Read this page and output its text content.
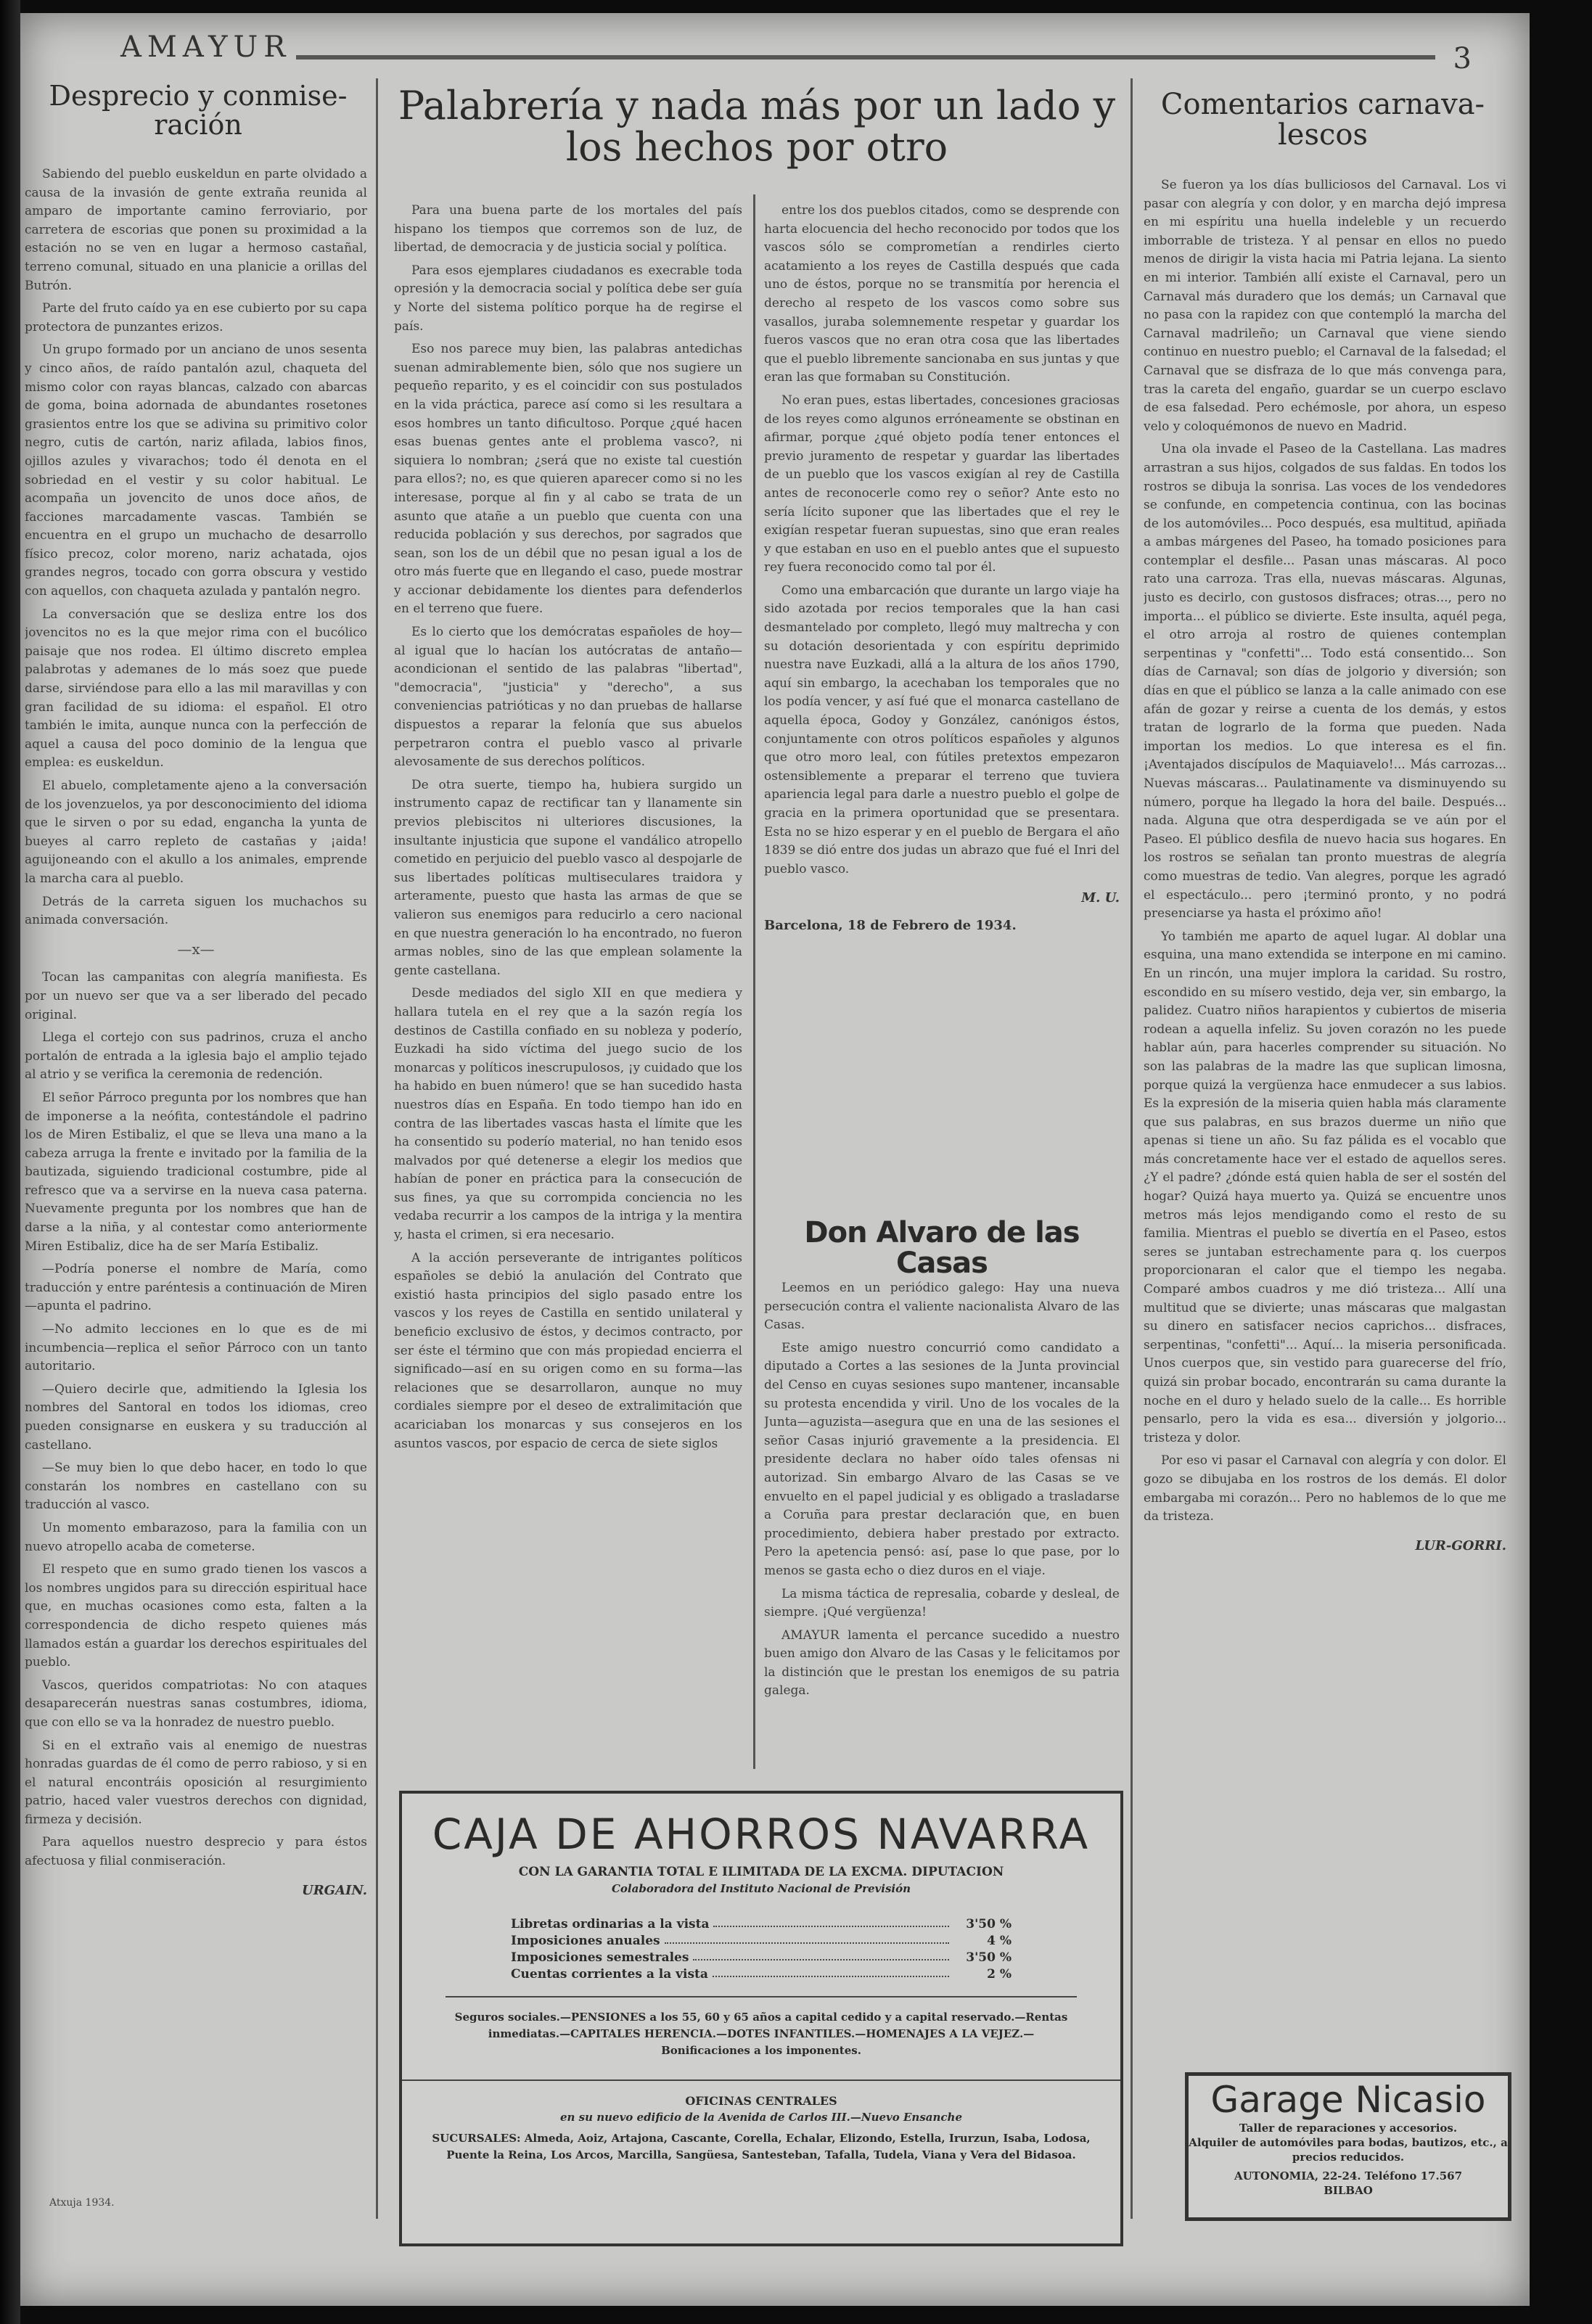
AMAYUR	3
Desprecio y conmise-ración

Sabiendo del pueblo euskeldun en parte olvidado a causa de la invasión de gente extraña reunida al amparo de importante camino ferroviario, por carretera de escorias que ponen su proximidad a la estación no se ven en lugar a hermoso castañal, terreno comunal, situado en una planicie a orillas del Butrón.

Parte del fruto caído ya en ese cubierto por su capa protectora de punzantes erizos.

Un grupo formado por un anciano de unos sesenta y cinco años, de raído pantalón azul, chaqueta del mismo color con rayas blancas, calzado con abarcas de goma, boina adornada de abundantes rosetones grasientos entre los que se adivina su primitivo color negro, cutis de cartón, nariz afilada, labios finos, ojillos azules y vivarachos; todo él denota en el sobriedad en el vestir y su color habitual. Le acompaña un jovencito de unos doce años, de facciones marcadamente vascas. También se encuentra en el grupo un muchacho de desarrollo físico precoz, color moreno, nariz achatada, ojos grandes negros, tocado con gorra obscura y vestido con aquellos, con chaqueta azulada y pantalón negro.

La conversación que se desliza entre los dos jovencitos no es la que mejor rima con el bucólico paisaje que nos rodea. El último discreto emplea palabrotas y ademanes de lo más soez que puede darse, sirviéndose para ello a las mil maravillas y con gran facilidad de su idioma: el español. El otro también le imita, aunque nunca con la perfección de aquel a causa del poco dominio de la lengua que emplea: es euskeldun.

El abuelo, completamente ajeno a la conversación de los jovenzuelos, ya por desconocimiento del idioma que le sirven o por su edad, engancha la yunta de bueyes al carro repleto de castañas y ¡aida! aguijoneando con el akullo a los animales, emprende la marcha cara al pueblo.

Detrás de la carreta siguen los muchachos su animada conversación.

—x—

Tocan las campanitas con alegría manifiesta. Es por un nuevo ser que va a ser liberado del pecado original.

Llega el cortejo con sus padrinos, cruza el ancho portalón de entrada a la iglesia bajo el amplio tejado al atrio y se verifica la ceremonia de redención.

El señor Párroco pregunta por los nombres que han de imponerse a la neófita, contestándole el padrino los de Miren Estibaliz, el que se lleva una mano a la cabeza arruga la frente e invitado por la familia de la bautizada, siguiendo tradicional costumbre, pide al refresco que va a servirse en la nueva casa paterna. Nuevamente pregunta por los nombres que han de darse a la niña, y al contestar como anteriormente Miren Estibaliz, dice ha de ser María Estibaliz.

—Podría ponerse el nombre de María, como traducción y entre paréntesis a continuación de Miren—apunta el padrino.

—No admito lecciones en lo que es de mi incumbencia—replica el señor Párroco con un tanto autoritario.

—Quiero decirle que, admitiendo la Iglesia los nombres del Santoral en todos los idiomas, creo pueden consignarse en euskera y su traducción al castellano.

—Se muy bien lo que debo hacer, en todo lo que constarán los nombres en castellano con su traducción al vasco.

Un momento embarazoso, para la familia con un nuevo atropello acaba de cometerse.

El respeto que en sumo grado tienen los vascos a los nombres ungidos para su dirección espiritual hace que, en muchas ocasiones como esta, falten a la correspondencia de dicho respeto quienes más llamados están a guardar los derechos espirituales del pueblo.

Vascos, queridos compatriotas: No con ataques desaparecerán nuestras sanas costumbres, idioma, que con ello se va la honradez de nuestro pueblo.

Si en el extraño vais al enemigo de nuestras honradas guardas de él como de perro rabioso, y si en el natural encontráis oposición al resurgimiento patrio, haced valer vuestros derechos con dignidad, firmeza y decisión.

Para aquellos nuestro desprecio y para éstos afectuosa y filial conmiseración.

URGAIN.
Atxuja 1934.
Palabrería y nada más por un lado y los hechos por otro

Para una buena parte de los mortales del país hispano los tiempos que corremos son de luz, de libertad, de democracia y de justicia social y política.

Para esos ejemplares ciudadanos es execrable toda opresión y la democracia social y política debe ser guía y Norte del sistema político porque ha de regirse el país.

Eso nos parece muy bien, las palabras antedichas suenan admirablemente bien, sólo que nos sugiere un pequeño reparito, y es el coincidir con sus postulados en la vida práctica, parece así como si les resultara a esos hombres un tanto dificultoso. Porque ¿qué hacen esas buenas gentes ante el problema vasco?, ni siquiera lo nombran; ¿será que no existe tal cuestión para ellos?; no, es que quieren aparecer como si no les interesase, porque al fin y al cabo se trata de un asunto que atañe a un pueblo que cuenta con una reducida población y sus derechos, por sagrados que sean, son los de un débil que no pesan igual a los de otro más fuerte que en llegando el caso, puede mostrar y accionar debidamente los dientes para defenderlos en el terreno que fuere.

Es lo cierto que los demócratas españoles de hoy—al igual que lo hacían los autócratas de antaño—acondicionan el sentido de las palabras "libertad", "democracia", "justicia" y "derecho", a sus conveniencias patrióticas y no dan pruebas de hallarse dispuestos a reparar la felonía que sus abuelos perpetraron contra el pueblo vasco al privarle alevosamente de sus derechos políticos.

De otra suerte, tiempo ha, hubiera surgido un instrumento capaz de rectificar tan y llanamente sin previos plebiscitos ni ulteriores discusiones, la insultante injusticia que supone el vandálico atropello cometido en perjuicio del pueblo vasco al despojarle de sus libertades políticas multiseculares traidora y arteramente, puesto que hasta las armas de que se valieron sus enemigos para reducirlo a cero nacional en que nuestra generación lo ha encontrado, no fueron armas nobles, sino de las que emplean solamente la gente castellana.

Desde mediados del siglo XII en que mediera y hallara tutela en el rey que a la sazón regía los destinos de Castilla confiado en su nobleza y poderío, Euzkadi ha sido víctima del juego sucio de los monarcas y políticos inescrupulosos, ¡y cuidado que los ha habido en buen número! que se han sucedido hasta nuestros días en España. En todo tiempo han ido en contra de las libertades vascas hasta el límite que les ha consentido su poderío material, no han tenido esos malvados por qué detenerse a elegir los medios que habían de poner en práctica para la consecución de sus fines, ya que su corrompida conciencia no les vedaba recurrir a los campos de la intriga y la mentira y, hasta el crimen, si era necesario.

A la acción perseverante de intrigantes políticos españoles se debió la anulación del Contrato que existió hasta principios del siglo pasado entre los vascos y los reyes de Castilla en sentido unilateral y beneficio exclusivo de éstos, y decimos contracto, por ser éste el término que con más propiedad encierra el significado—así en su origen como en su forma—las relaciones que se desarrollaron, aunque no muy cordiales siempre por el deseo de extralimitación que acariciaban los monarcas y sus consejeros en los asuntos vascos, por espacio de cerca de siete siglos

entre los dos pueblos citados, como se desprende con harta elocuencia del hecho reconocido por todos que los vascos sólo se comprometían a rendirles cierto acatamiento a los reyes de Castilla después que cada uno de éstos, porque no se transmitía por herencia el derecho al respeto de los vascos como sobre sus vasallos, juraba solemnemente respetar y guardar los fueros vascos que no eran otra cosa que las libertades que el pueblo libremente sancionaba en sus juntas y que eran las que formaban su Constitución.

No eran pues, estas libertades, concesiones graciosas de los reyes como algunos erróneamente se obstinan en afirmar, porque ¿qué objeto podía tener entonces el previo juramento de respetar y guardar las libertades de un pueblo que los vascos exigían al rey de Castilla antes de reconocerle como rey o señor? Ante esto no sería lícito suponer que las libertades que el rey le exigían respetar fueran supuestas, sino que eran reales y que estaban en uso en el pueblo antes que el supuesto rey fuera reconocido como tal por él.

Como una embarcación que durante un largo viaje ha sido azotada por recios temporales que la han casi desmantelado por completo, llegó muy maltrecha y con su dotación desorientada y con espíritu deprimido nuestra nave Euzkadi, allá a la altura de los años 1790, aquí sin embargo, la acechaban los temporales que no los podía vencer, y así fué que el monarca castellano de aquella época, Godoy y González, canónigos éstos, conjuntamente con otros políticos españoles y algunos que otro moro leal, con fútiles pretextos empezaron ostensiblemente a preparar el terreno que tuviera apariencia legal para darle a nuestro pueblo el golpe de gracia en la primera oportunidad que se presentara. Esta no se hizo esperar y en el pueblo de Bergara el año 1839 se dió entre dos judas un abrazo que fué el Inri del pueblo vasco.

M. U.
Barcelona, 18 de Febrero de 1934.
Don Alvaro de las Casas

Leemos en un periódico galego: Hay una nueva persecución contra el valiente nacionalista Alvaro de las Casas.

Este amigo nuestro concurrió como candidato a diputado a Cortes a las sesiones de la Junta provincial del Censo en cuyas sesiones supo mantener, incansable su protesta encendida y viril. Uno de los vocales de la Junta—aguzista—asegura que en una de las sesiones el señor Casas injurió gravemente a la presidencia. El presidente declara no haber oído tales ofensas ni autorizad. Sin embargo Alvaro de las Casas se ve envuelto en el papel judicial y es obligado a trasladarse a Coruña para prestar declaración que, en buen procedimiento, debiera haber prestado por extracto. Pero la apetencia pensó: así, pase lo que pase, por lo menos se gasta echo o diez duros en el viaje.

La misma táctica de represalia, cobarde y desleal, de siempre. ¡Qué vergüenza!

AMAYUR lamenta el percance sucedido a nuestro buen amigo don Alvaro de las Casas y le felicitamos por la distinción que le prestan los enemigos de su patria galega.

Comentarios carnava-lescos

Se fueron ya los días bulliciosos del Carnaval. Los vi pasar con alegría y con dolor, y en marcha dejó impresa en mi espíritu una huella indeleble y un recuerdo imborrable de tristeza. Y al pensar en ellos no puedo menos de dirigir la vista hacia mi Patria lejana. La siento en mi interior. También allí existe el Carnaval, pero un Carnaval más duradero que los demás; un Carnaval que no pasa con la rapidez con que contempló la marcha del Carnaval madrileño; un Carnaval que viene siendo continuo en nuestro pueblo; el Carnaval de la falsedad; el Carnaval que se disfraza de lo que más convenga para, tras la careta del engaño, guardar se un cuerpo esclavo de esa falsedad. Pero echémosle, por ahora, un espeso velo y coloquémonos de nuevo en Madrid.

Una ola invade el Paseo de la Castellana. Las madres arrastran a sus hijos, colgados de sus faldas. En todos los rostros se dibuja la sonrisa. Las voces de los vendedores se confunde, en competencia continua, con las bocinas de los automóviles... Poco después, esa multitud, apiñada a ambas márgenes del Paseo, ha tomado posiciones para contemplar el desfile... Pasan unas máscaras. Al poco rato una carroza. Tras ella, nuevas máscaras. Algunas, justo es decirlo, con gustosos disfraces; otras..., pero no importa... el público se divierte. Este insulta, aquél pega, el otro arroja al rostro de quienes contemplan serpentinas y "confetti"... Todo está consentido... Son días de Carnaval; son días de jolgorio y diversión; son días en que el público se lanza a la calle animado con ese afán de gozar y reirse a cuenta de los demás, y estos tratan de lograrlo de la forma que pueden. Nada importan los medios. Lo que interesa es el fin. ¡Aventajados discípulos de Maquiavelo!... Más carrozas... Nuevas máscaras... Paulatinamente va disminuyendo su número, porque ha llegado la hora del baile. Después... nada. Alguna que otra desperdigada se ve aún por el Paseo. El público desfila de nuevo hacia sus hogares. En los rostros se señalan tan pronto muestras de alegría como muestras de tedio. Van alegres, porque les agradó el espectáculo... pero ¡terminó pronto, y no podrá presenciarse ya hasta el próximo año!

Yo también me aparto de aquel lugar. Al doblar una esquina, una mano extendida se interpone en mi camino. En un rincón, una mujer implora la caridad. Su rostro, escondido en su mísero vestido, deja ver, sin embargo, la palidez. Cuatro niños harapientos y cubiertos de miseria rodean a aquella infeliz. Su joven corazón no les puede hablar aún, para hacerles comprender su situación. No son las palabras de la madre las que suplican limosna, porque quizá la vergüenza hace enmudecer a sus labios. Es la expresión de la miseria quien habla más claramente que sus palabras, en sus brazos duerme un niño que apenas si tiene un año. Su faz pálida es el vocablo que más concretamente hace ver el estado de aquellos seres. ¿Y el padre? ¿dónde está quien habla de ser el sostén del hogar? Quizá haya muerto ya. Quizá se encuentre unos metros más lejos mendigando como el resto de su familia. Mientras el pueblo se divertía en el Paseo, estos seres se juntaban estrechamente para q. los cuerpos proporcionaran el calor que el tiempo les negaba. Comparé ambos cuadros y me dió tristeza... Allí una multitud que se divierte; unas máscaras que malgastan su dinero en satisfacer necios caprichos... disfraces, serpentinas, "confetti"... Aquí... la miseria personificada. Unos cuerpos que, sin vestido para guarecerse del frío, quizá sin probar bocado, encontrarán su cama durante la noche en el duro y helado suelo de la calle... Es horrible pensarlo, pero la vida es esa... diversión y jolgorio... tristeza y dolor.

Por eso vi pasar el Carnaval con alegría y con dolor. El gozo se dibujaba en los rostros de los demás. El dolor embargaba mi corazón... Pero no hablemos de lo que me da tristeza.

LUR-GORRI.
CAJA DE AHORROS NAVARRA
CON LA GARANTIA TOTAL E ILIMITADA DE LA EXCMA. DIPUTACION
Colaboradora del Instituto Nacional de Previsión
Libretas ordinarias a la vista	3'50 %
Imposiciones anuales	4 %
Imposiciones semestrales	3'50 %
Cuentas corrientes a la vista	2 %
Seguros sociales.—PENSIONES a los 55, 60 y 65 años a capital cedido y a capital reservado.—Rentas inmediatas.—CAPITALES HERENCIA.—DOTES INFANTILES.—HOMENAJES A LA VEJEZ.—Bonificaciones a los imponentes.
OFICINAS CENTRALES
en su nuevo edificio de la Avenida de Carlos III.—Nuevo Ensanche
SUCURSALES: Almeda, Aoiz, Artajona, Cascante, Corella, Echalar, Elizondo, Estella, Irurzun, Isaba, Lodosa, Puente la Reina, Los Arcos, Marcilla, Sangüesa, Santesteban, Tafalla, Tudela, Viana y Vera del Bidasoa.
Garage Nicasio
Taller de reparaciones y accesorios.
Alquiler de automóviles para bodas, bautizos, etc., a precios reducidos.
AUTONOMIA, 22-24. Teléfono 17.567
BILBAO
